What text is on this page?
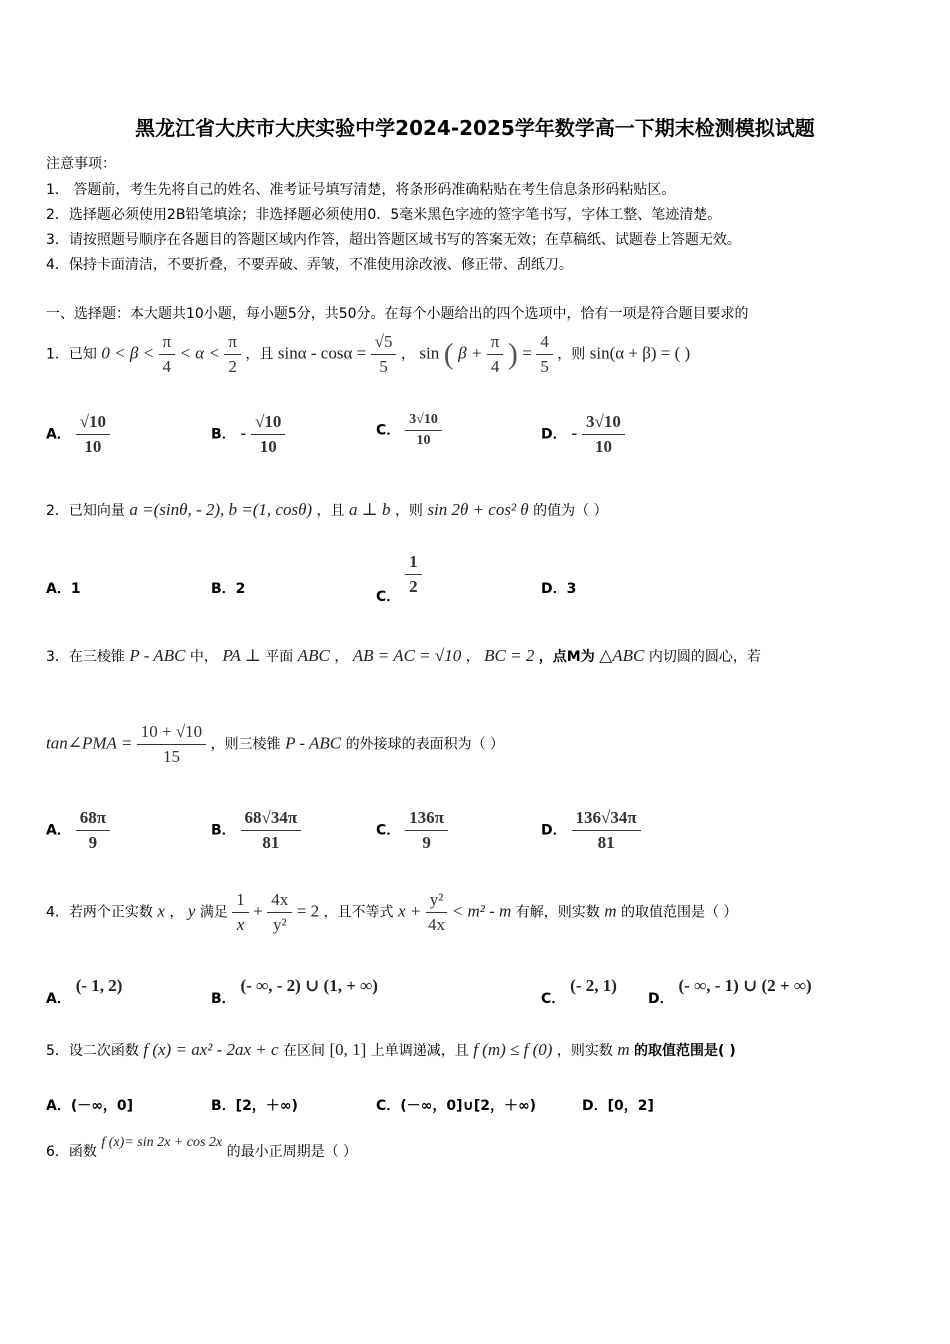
黑龙江省大庆市大庆实验中学2024-2025学年数学高一下期末检测模拟试题
注意事项：
1． 答题前，考生先将自己的姓名、准考证号填写清楚，将条形码准确粘贴在考生信息条形码粘贴区。
2．选择题必须使用2B铅笔填涂；非选择题必须使用0．5毫米黑色字迹的签字笔书写，字体工整、笔迹清楚。
3．请按照题号顺序在各题目的答题区域内作答，超出答题区域书写的答案无效；在草稿纸、试题卷上答题无效。
4．保持卡面清洁，不要折叠，不要弄破、弄皱，不准使用涂改液、修正带、刮纸刀。
一、选择题：本大题共10小题，每小题5分，共50分。在每个小题给出的四个选项中，恰有一项是符合题目要求的
1．已知 $0 < \beta < \frac{\pi}{4} < \alpha < \frac{\pi}{2}$ ，且 $\sin\alpha - \cos\alpha = \frac{√5}{5}$ ， sin ( $\beta + \frac{\pi}{4}$ ) = $\frac{4}{5}$ ，则 sin(α + β) = ( )
A． $\frac{√10}{10}$	B． - $\frac{√10}{10}$	C． $\frac{3√10}{10}$	D． - $\frac{3√10}{10}$
2．已知向量 a =(sinθ, - 2), b =(1, cosθ) ，且 a ⊥ b ，则 sin 2θ + cos² θ 的值为（ ）
A．1	B．2	C． $\frac{1}{2}$	D．3
3．在三棱锥 P - ABC 中， PA ⊥ 平面 ABC ， AB = AC = √10 ， BC = 2 ，点M为 △ABC 内切圆的圆心，若
tan∠PMA = $\frac{10 + √10}{15}$ ，则三棱锥 P - ABC 的外接球的表面积为（ ）
A． $\frac{68\pi}{9}$	B． $\frac{68√34\pi}{81}$	C． $\frac{136\pi}{9}$	D． $\frac{136√34\pi}{81}$
4．若两个正实数 x ， y 满足 $\frac{1}{x} + \frac{4x}{\text{y²}} = 2$ ，且不等式 $x + \frac{\text{y²}}{4x} < m^2 - m$ 有解，则实数 m 的取值范围是（ ）
A． (- 1, 2)
B． (- ∞, - 2) ∪ (1, + ∞)
C． (- 2, 1)
D． (- ∞, - 1) ∪ (2 + ∞)
5．设二次函数 f (x) = ax² - 2ax + c 在区间 [0, 1] 上单调递减，且 f (m) ≤ f (0) ，则实数 m 的取值范围是( )
A．(－∞，0]	B．[2，＋∞)	C．(－∞，0]∪[2，＋∞)	D．[0，2]
6．函数 f (x)= sin 2x + cos 2x 的最小正周期是（ ）
